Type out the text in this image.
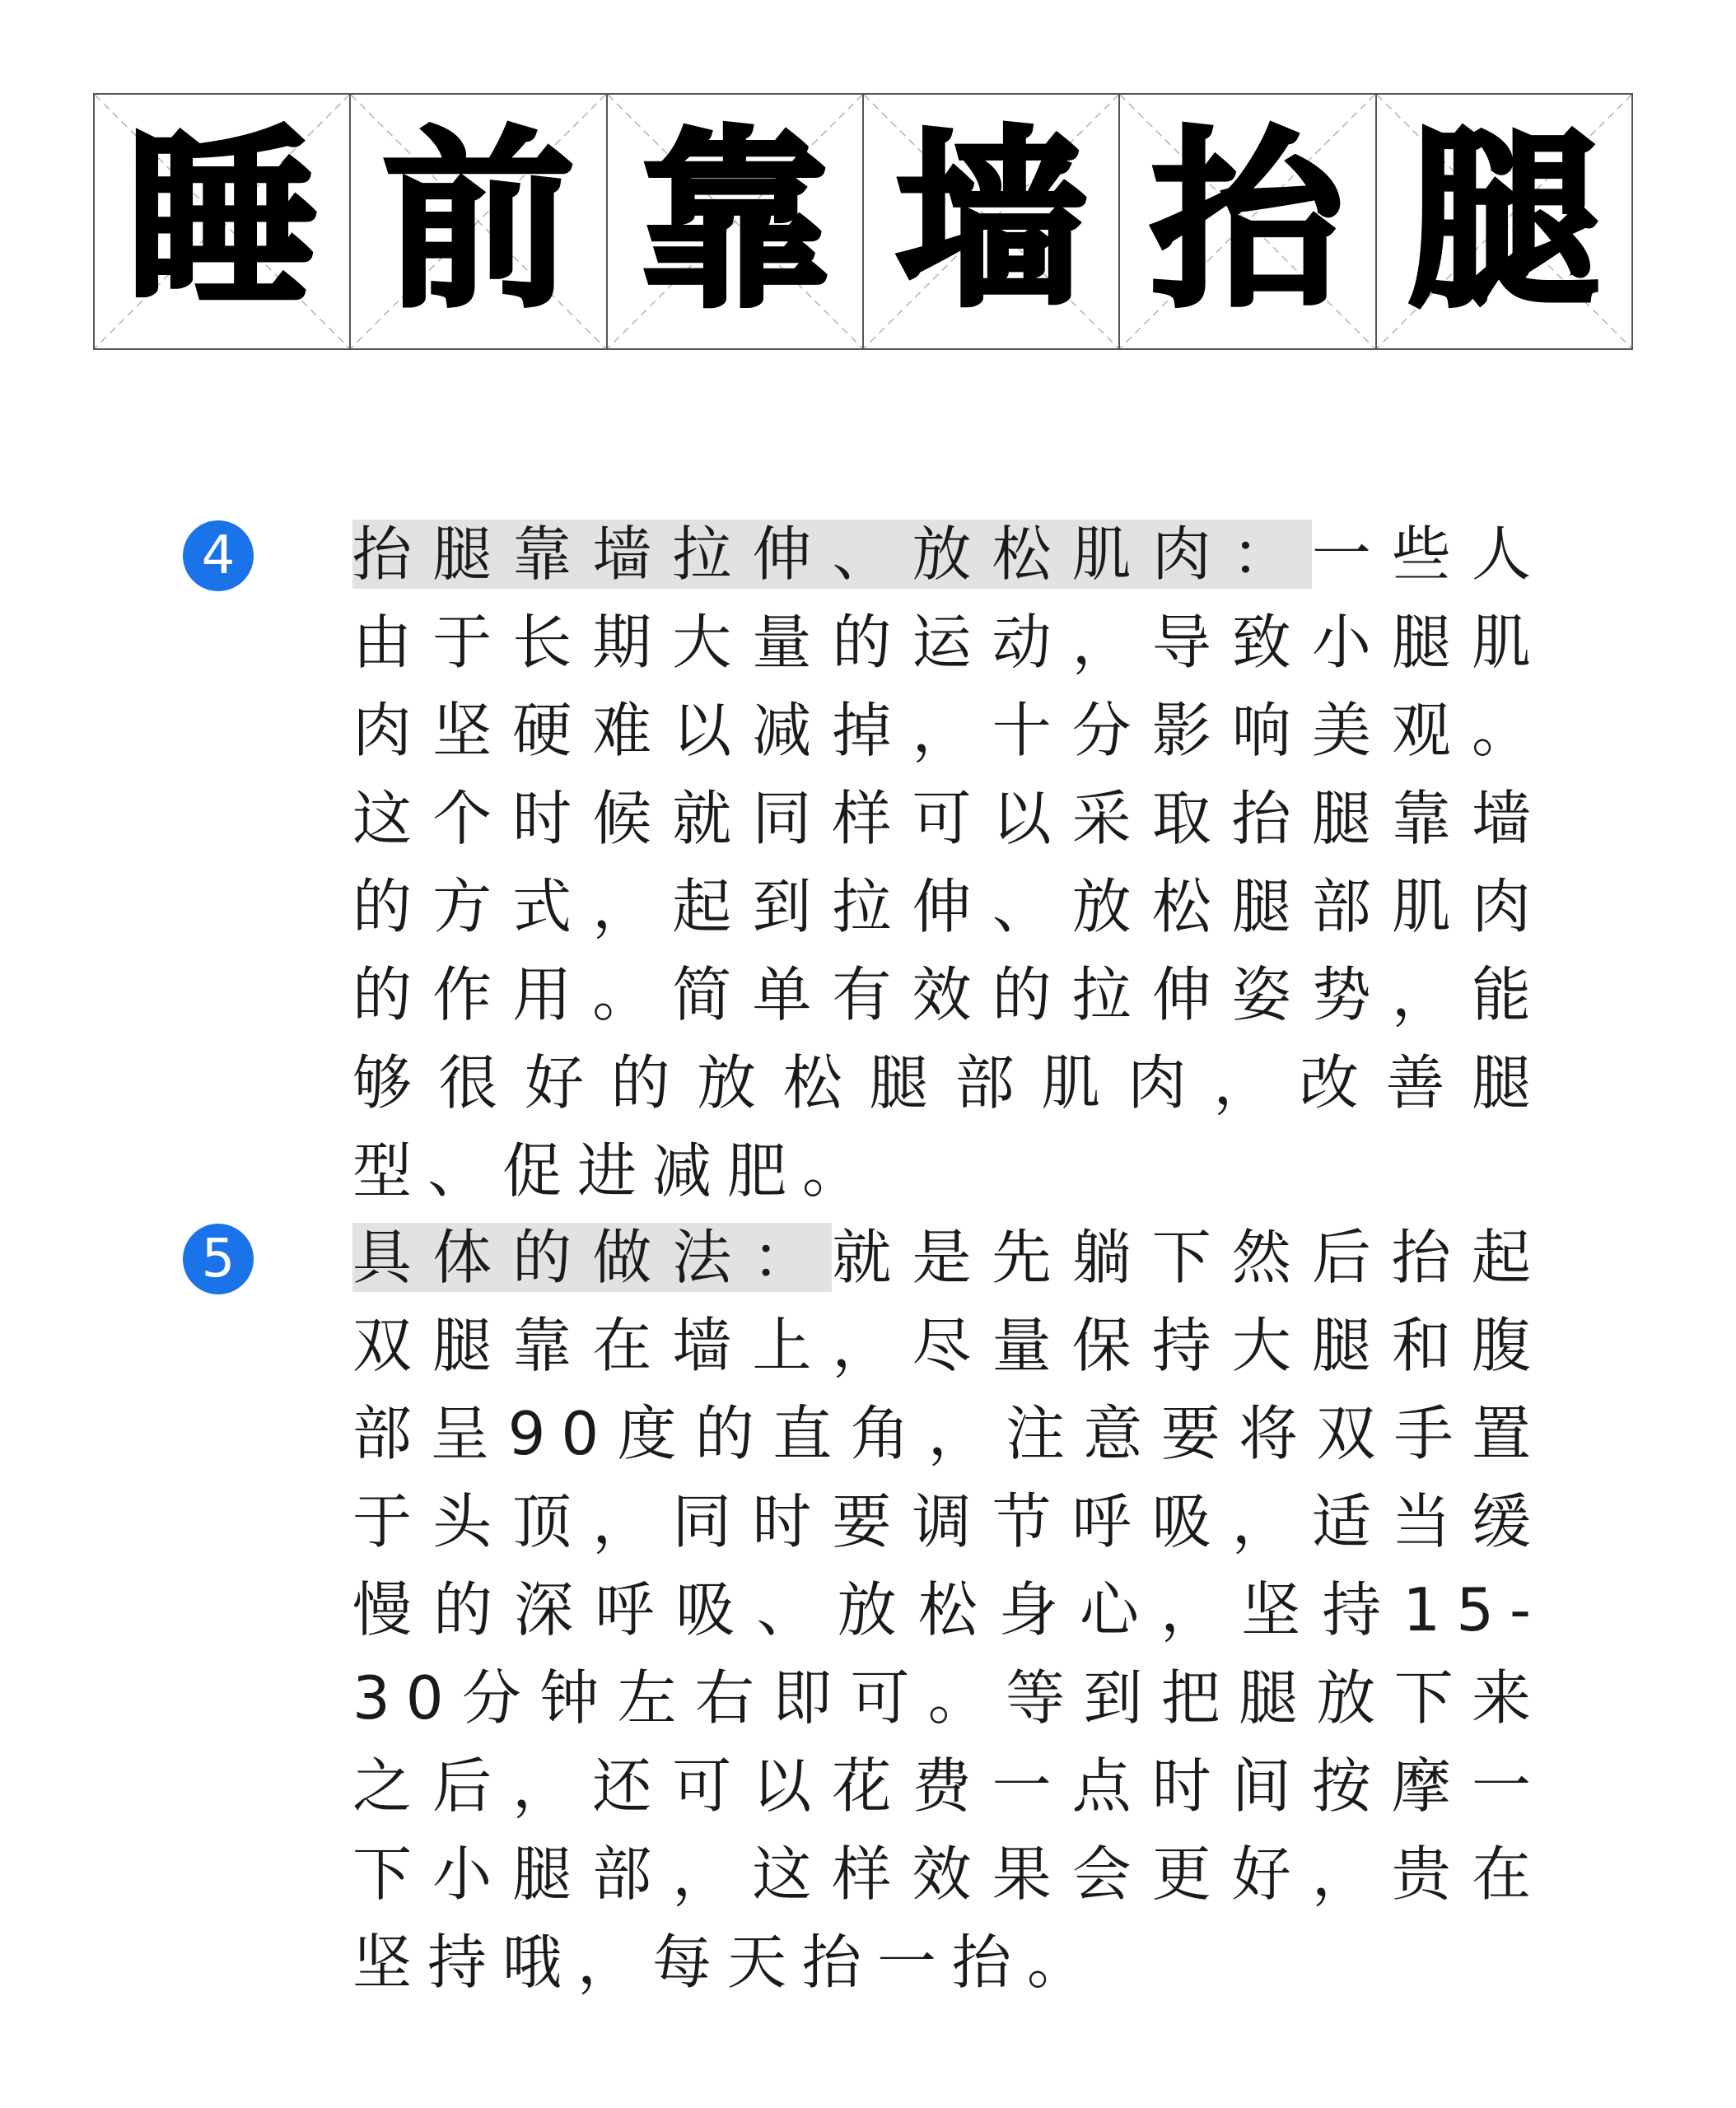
睡 前 靠 墙 抬 腿
4	抬腿靠墙拉伸、放松肌肉：一些人由于长期大量的运动，导致小腿肌肉坚硬难以减掉，十分影响美观。这个时候就同样可以采取抬腿靠墙的方式，起到拉伸、放松腿部肌肉的作用。简单有效的拉伸姿势，能够很好的放松腿部肌肉，改善腿型、促进减肥。

5	具体的做法：就是先躺下然后抬起双腿靠在墙上，尽量保持大腿和腹部呈90度的直角，注意要将双手置于头顶，同时要调节呼吸，适当缓慢的深呼吸、放松身心，坚持15-30分钟左右即可。等到把腿放下来之后，还可以花费一点时间按摩一下小腿部，这样效果会更好，贵在坚持哦，每天抬一抬。
